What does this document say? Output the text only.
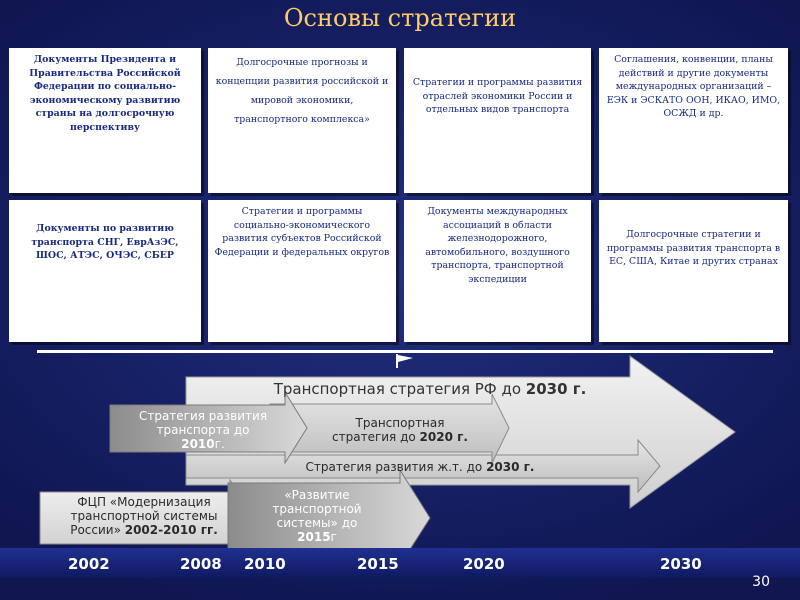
Основы стратегии
Документы Президента и Правительства Российской Федерации по социально-экономическому развитию страны на долгосрочную перспективу
Долгосрочные прогнозы и концепции развития российской и мировой экономики, транспортного комплекса»
Стратегии и программы развития отраслей экономики России и отдельных видов транспорта
Соглашения, конвенции, планы действий и другие документы международных организаций – ЕЭК и ЭСКАТО ООН, ИКАО, ИМО, ОСЖД и др.
Документы по развитию транспорта СНГ, ЕврАзЭС, ШОС, АТЭС, ОЧЭС, СБЕР
Стратегии и программы социально-экономического развития субъектов Российской Федерации и федеральных округов
Документы международных ассоциаций в области железнодорожного, автомобильного, воздушного транспорта, транспортной экспедиции
Долгосрочные стратегии и программы развития транспорта в ЕС, США, Китае и других странах
Транспортная стратегия РФ до 2030 г.
Стратегия развития
транспорта до
2010г.
Транспортная
стратегия до 2020 г.
Стратегия развития ж.т. до 2030 г.
ФЦП «Модернизация
транспортной системы
России» 2002-2010 гг.
«Развитие
транспортной
системы» до
2015г
2002	2008 2010	2015	2020	2030
30
